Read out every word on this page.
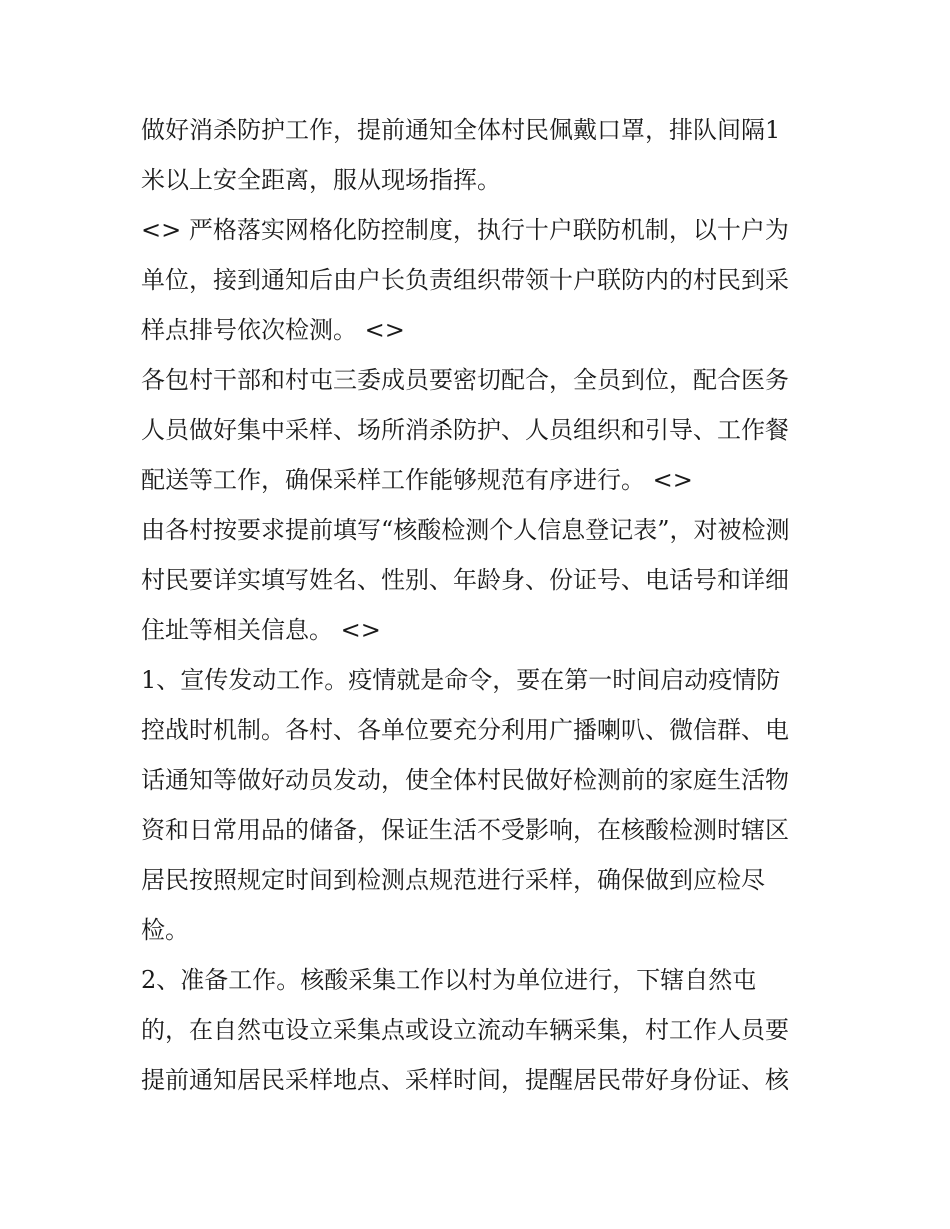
做好消杀防护工作，提前通知全体村民佩戴口罩，排队间隔1
米以上安全距离，服从现场指挥。
<> 严格落实网格化防控制度，执行十户联防机制，以十户为
单位，接到通知后由户长负责组织带领十户联防内的村民到采
样点排号依次检测。 <>
各包村干部和村屯三委成员要密切配合，全员到位，配合医务
人员做好集中采样、场所消杀防护、人员组织和引导、工作餐
配送等工作，确保采样工作能够规范有序进行。 <>
由各村按要求提前填写“核酸检测个人信息登记表”，对被检测
村民要详实填写姓名、性别、年龄身、份证号、电话号和详细
住址等相关信息。 <>
1、宣传发动工作。疫情就是命令，要在第一时间启动疫情防
控战时机制。各村、各单位要充分利用广播喇叭、微信群、电
话通知等做好动员发动，使全体村民做好检测前的家庭生活物
资和日常用品的储备，保证生活不受影响，在核酸检测时辖区
居民按照规定时间到检测点规范进行采样，确保做到应检尽
检。
2、准备工作。核酸采集工作以村为单位进行，下辖自然屯
的，在自然屯设立采集点或设立流动车辆采集，村工作人员要
提前通知居民采样地点、采样时间，提醒居民带好身份证、核
